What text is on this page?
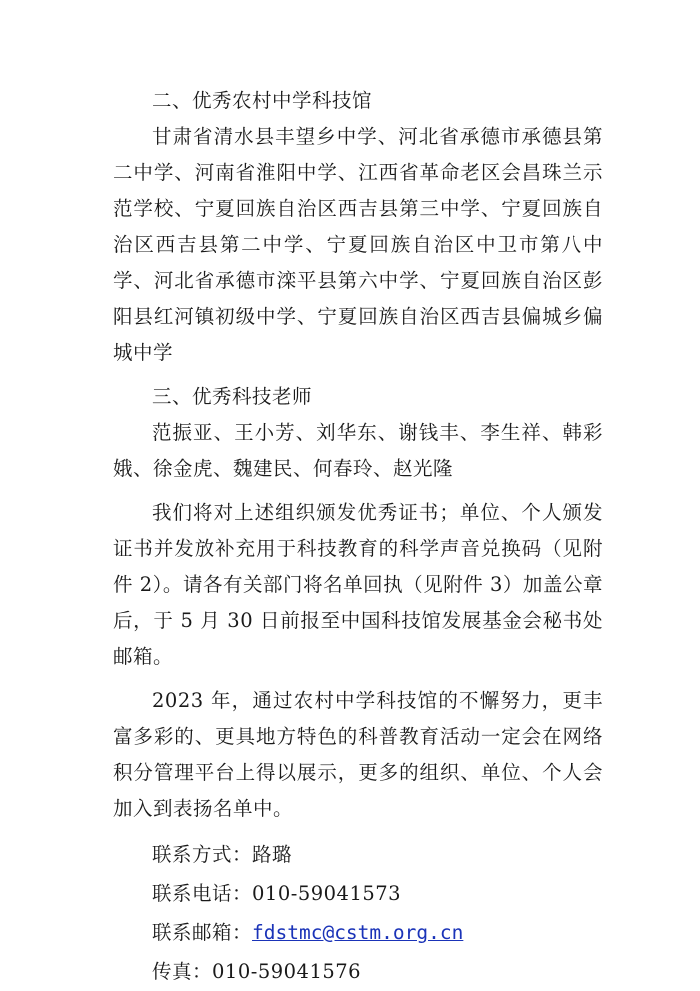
二、优秀农村中学科技馆

甘肃省清水县丰望乡中学、河北省承德市承德县第二中学、河南省淮阳中学、江西省革命老区会昌珠兰示范学校、宁夏回族自治区西吉县第三中学、宁夏回族自治区西吉县第二中学、宁夏回族自治区中卫市第八中学、河北省承德市滦平县第六中学、宁夏回族自治区彭阳县红河镇初级中学、宁夏回族自治区西吉县偏城乡偏城中学

三、优秀科技老师

范振亚、王小芳、刘华东、谢钱丰、李生祥、韩彩娥、徐金虎、魏建民、何春玲、赵光隆

我们将对上述组织颁发优秀证书；单位、个人颁发证书并发放补充用于科技教育的科学声音兑换码（见附件 2）。请各有关部门将名单回执（见附件 3）加盖公章后，于 5 月 30 日前报至中国科技馆发展基金会秘书处邮箱。

2023 年，通过农村中学科技馆的不懈努力，更丰富多彩的、更具地方特色的科普教育活动一定会在网络积分管理平台上得以展示，更多的组织、单位、个人会加入到表扬名单中。

联系方式：路璐

联系电话：010-59041573

联系邮箱：fdstmc@cstm.org.cn

传真：010-59041576
